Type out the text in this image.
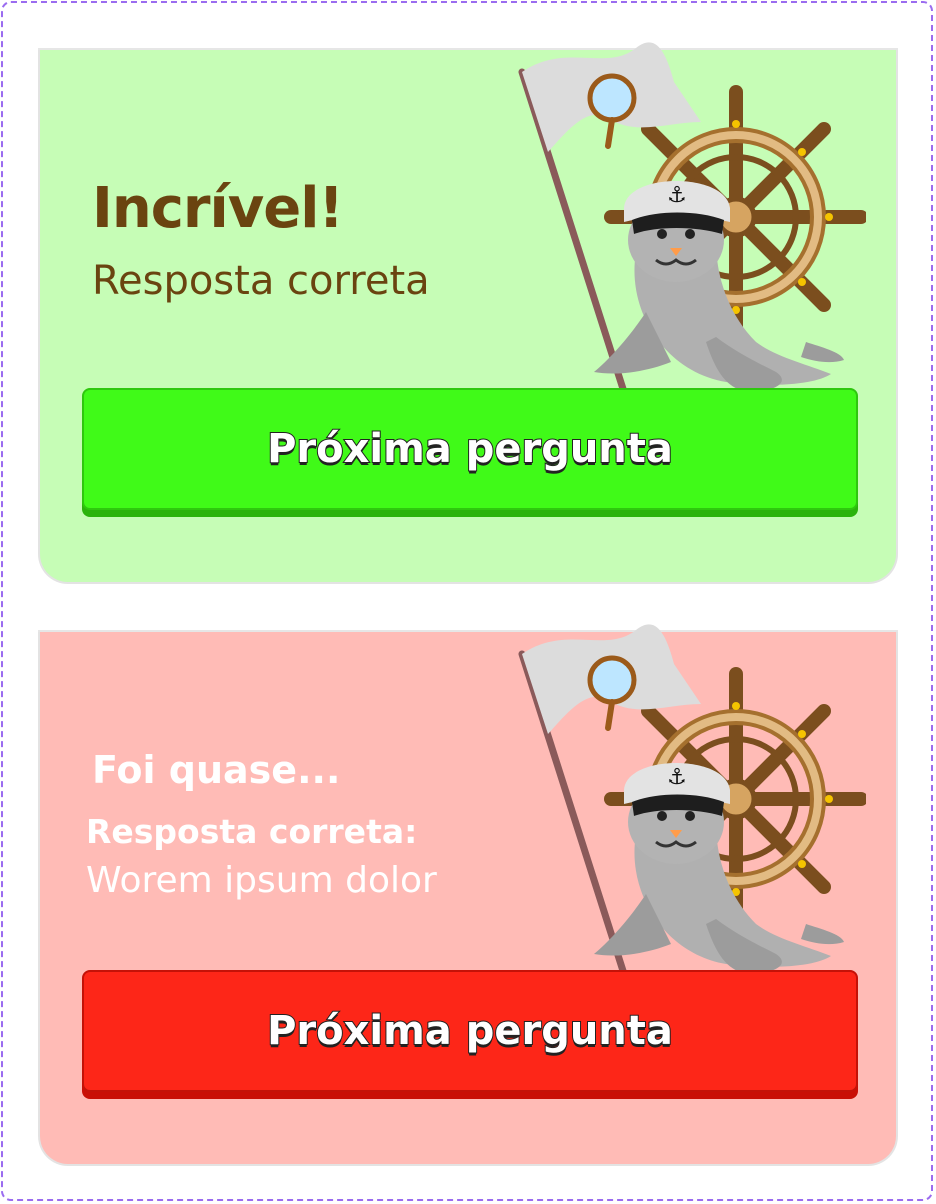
Incrível!

Resposta correta

⚓
Próxima pergunta
Foi quase...

Resposta correta:

Worem ipsum dolor

⚓
Próxima pergunta
